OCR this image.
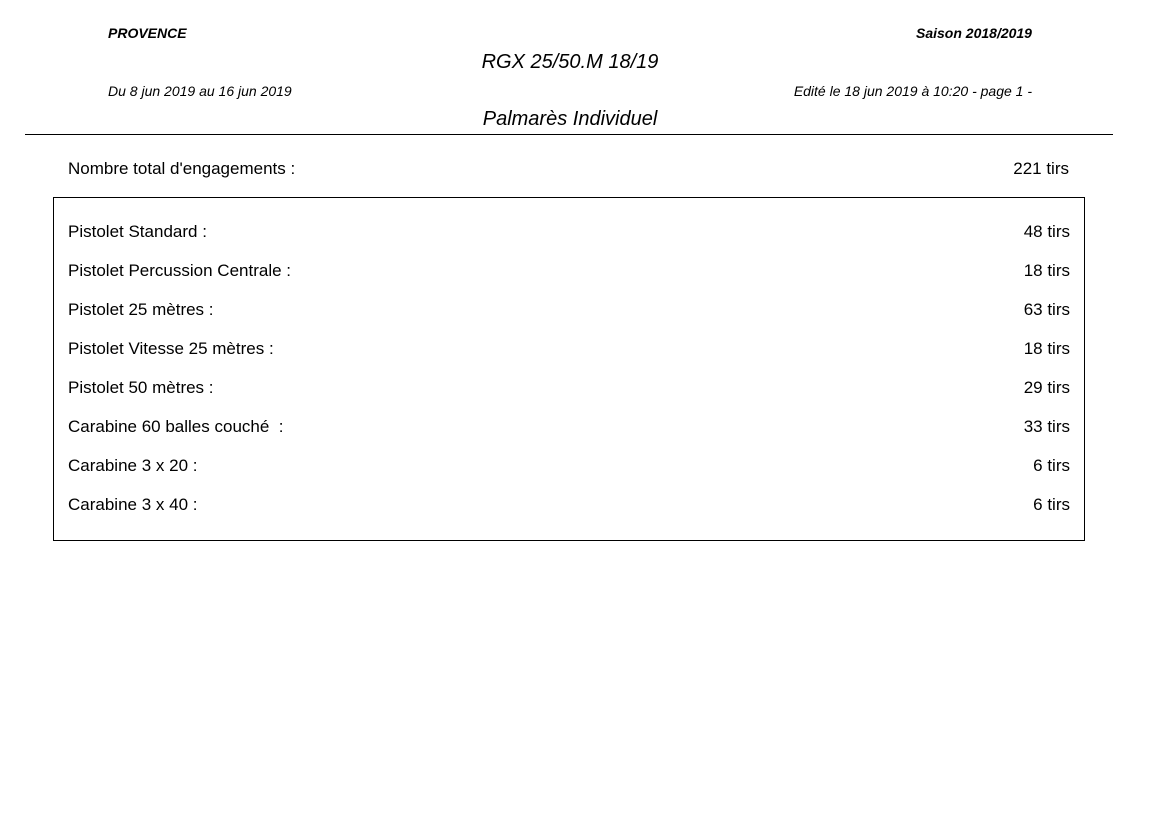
PROVENCE	Saison 2018/2019
RGX 25/50.M 18/19
Du 8 jun 2019 au 16 jun 2019	Edité le 18 jun 2019 à 10:20 - page 1 -
Palmarès Individuel
Nombre total d'engagements :	221 tirs
Pistolet Standard :	48 tirs
Pistolet Percussion Centrale :	18 tirs
Pistolet 25 mètres :	63 tirs
Pistolet Vitesse 25 mètres :	18 tirs
Pistolet 50 mètres :	29 tirs
Carabine 60 balles couché  :	33 tirs
Carabine 3 x 20 :	6 tirs
Carabine 3 x 40 :	6 tirs
